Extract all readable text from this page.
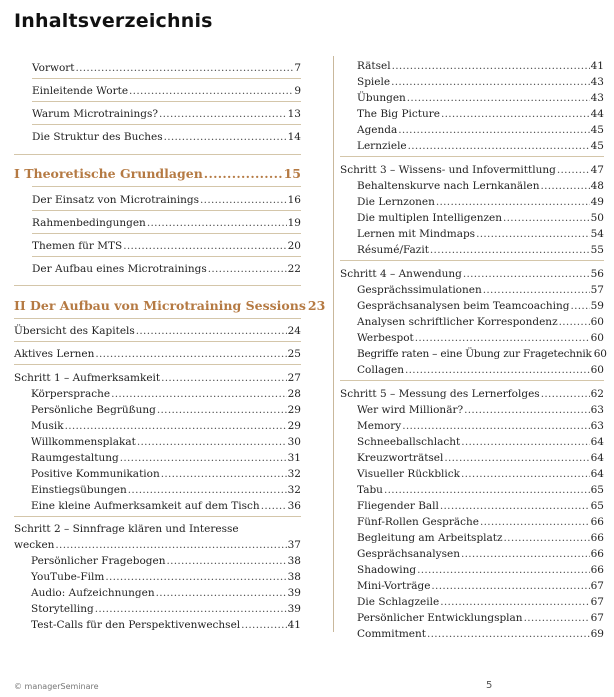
Inhaltsverzeichnis
Vorwort .....	7
Einleitende Worte .....	9
Warum Microtrainings? .....	13
Die Struktur des Buches .....	14
I Theoretische Grundlagen .....	15
Der Einsatz von Microtrainings .....	16
Rahmenbedingungen .....	19
Themen für MTS .....	20
Der Aufbau eines Microtrainings .....	22
II Der Aufbau von Microtraining Sessions 23
Übersicht des Kapitels .....	24
Aktives Lernen .....	25
Schritt 1 – Aufmerksamkeit .....	27
Körpersprache .....	28
Persönliche Begrüßung .....	29
Musik .....	29
Willkommensplakat .....	30
Raumgestaltung .....	31
Positive Kommunikation .....	32
Einstiegsübungen .....	32
Eine kleine Aufmerksamkeit auf dem Tisch .....	36
Schritt 2 – Sinnfrage klären und Interesse
wecken .....	37
Persönlicher Fragebogen .....	38
YouTube-Film .....	38
Audio: Aufzeichnungen .....	39
Storytelling .....	39
Test-Calls für den Perspektivenwechsel .....	41
Rätsel .....	41
Spiele .....	43
Übungen .....	43
The Big Picture .....	44
Agenda .....	45
Lernziele .....	45
Schritt 3 – Wissens- und Infovermittlung .....	47
Behaltenskurve nach Lernkanälen .....	48
Die Lernzonen .....	49
Die multiplen Intelligenzen .....	50
Lernen mit Mindmaps .....	54
Résumé/Fazit .....	55
Schritt 4 – Anwendung .....	56
Gesprächssimulationen .....	57
Gesprächsanalysen beim Teamcoaching ..... 59
Analysen schriftlicher Korrespondenz .....	60
Werbespot .....	60
Begriffe raten – eine Übung zur Fragetechnik 60
Collagen .....	60
Schritt 5 – Messung des Lernerfolges .....	62
Wer wird Millionär? .....	63
Memory .....	63
Schneeballschlacht .....	64
Kreuzworträtsel .....	64
Visueller Rückblick .....	64
Tabu .....	65
Fliegender Ball .....	65
Fünf-Rollen Gespräche .....	66
Begleitung am Arbeitsplatz .....	66
Gesprächsanalysen .....	66
Shadowing .....	66
Mini-Vorträge .....	67
Die Schlagzeile .....	67
Persönlicher Entwicklungsplan .....	67
Commitment .....	69
© managerSeminare	5
